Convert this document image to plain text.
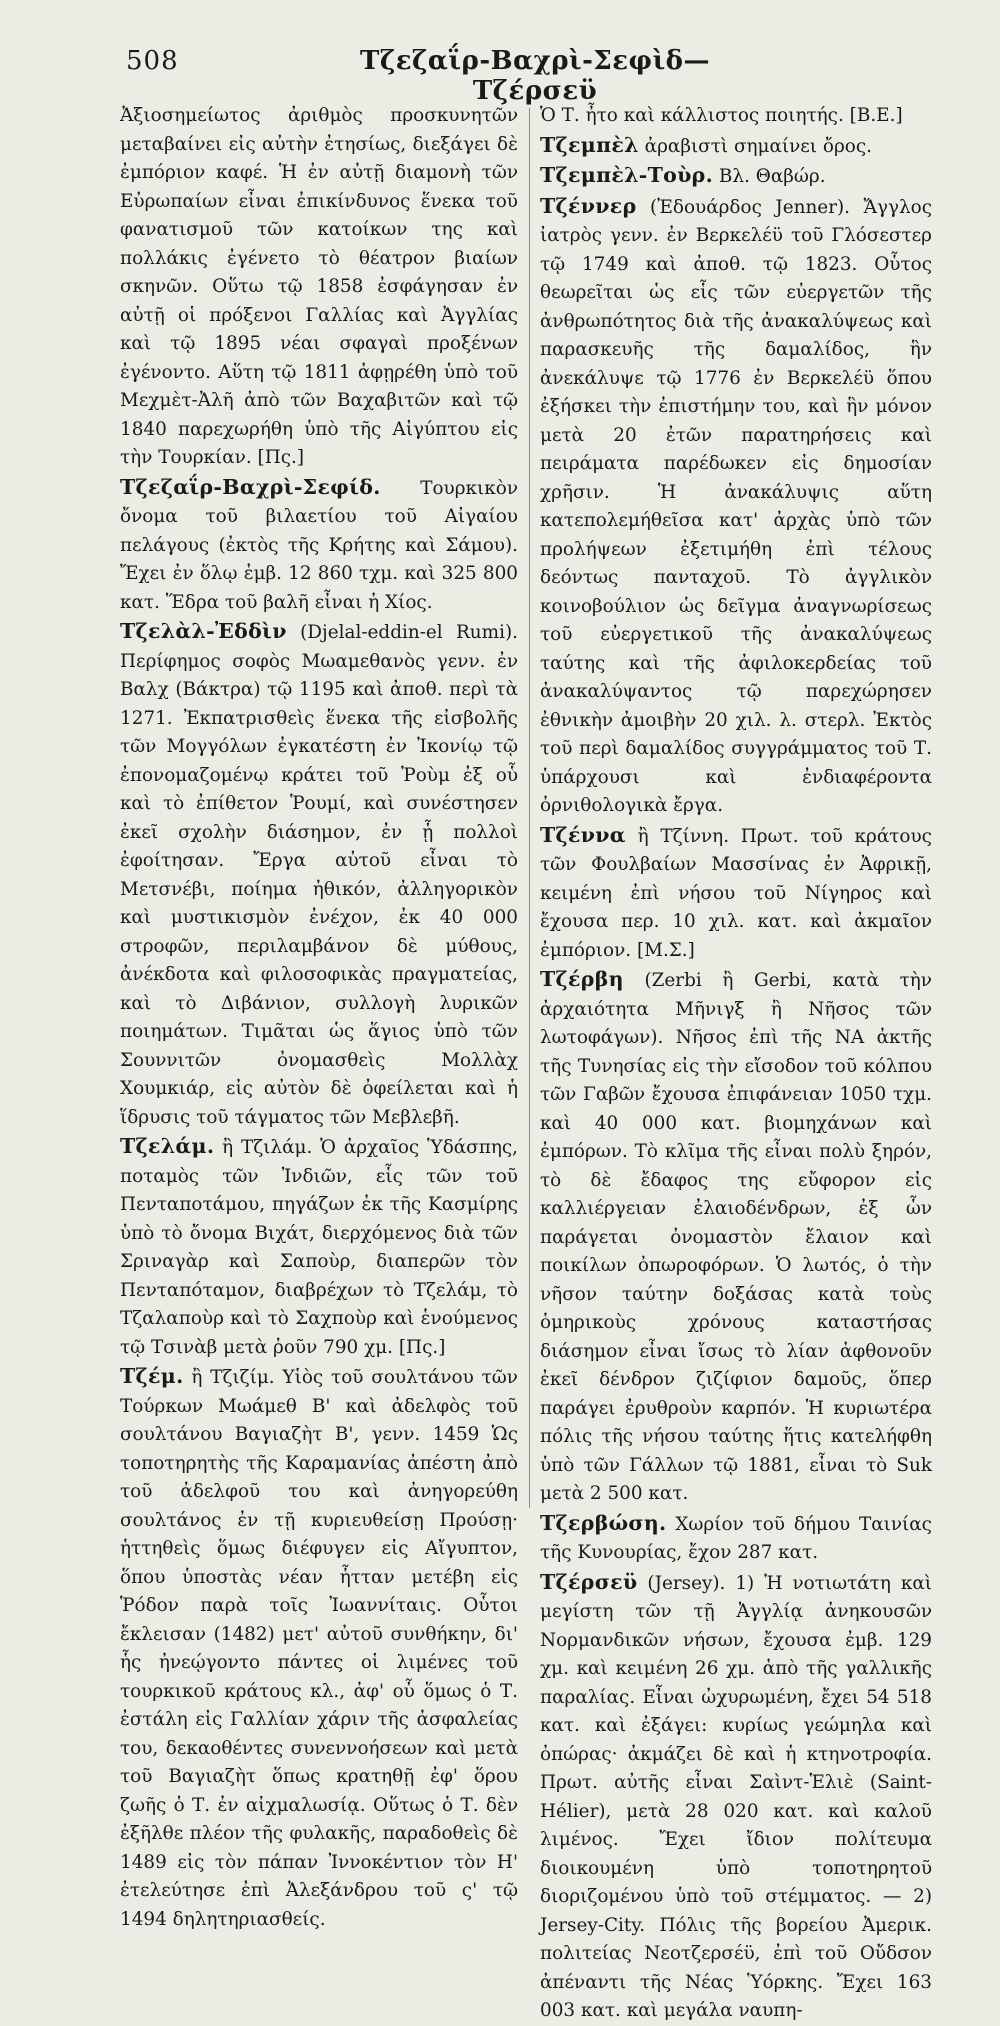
508	Τζεζαΐρ-Βαχρὶ-Σεφὶδ—Τζέρσεϋ

Ἀξιοσημείωτος ἀριθμὸς προσκυνητῶν μεταβαίνει εἰς αὐτὴν ἐτησίως, διεξάγει δὲ ἐμπόριον καφέ. Ἡ ἐν αὐτῇ διαμονὴ τῶν Εὐρωπαίων εἶναι ἐπικίνδυνος ἕνεκα τοῦ φανατισμοῦ τῶν κατοίκων της καὶ πολλάκις ἐγένετο τὸ θέατρον βιαίων σκηνῶν. Οὕτω τῷ 1858 ἐσφάγησαν ἐν αὐτῇ οἱ πρόξενοι Γαλλίας καὶ Ἀγγλίας καὶ τῷ 1895 νέαι σφαγαὶ προξένων ἐγένοντο. Αὕτη τῷ 1811 ἀφῃρέθη ὑπὸ τοῦ Μεχμὲτ-Ἀλῆ ἀπὸ τῶν Βαχαβιτῶν καὶ τῷ 1840 παρεχωρήθη ὑπὸ τῆς Αἰγύπτου εἰς τὴν Τουρκίαν. [Πς.]

Τζεζαΐρ-Βαχρὶ-Σεφίδ. Τουρκικὸν ὄνομα τοῦ βιλαετίου τοῦ Αἰγαίου πελάγους (ἐκτὸς τῆς Κρήτης καὶ Σάμου). Ἔχει ἐν ὅλῳ ἐμβ. 12 860 τχμ. καὶ 325 800 κατ. Ἕδρα τοῦ βαλῆ εἶναι ἡ Χίος.

Τζελὰλ-Ἐδδὶν (Djelal-eddin-el Rumi). Περίφημος σοφὸς Μωαμεθανὸς γενν. ἐν Βαλχ (Βάκτρα) τῷ 1195 καὶ ἀποθ. περὶ τὰ 1271. Ἐκπατρισθεὶς ἕνεκα τῆς εἰσβολῆς τῶν Μογγόλων ἐγκατέστη ἐν Ἰκονίῳ τῷ ἐπονομαζομένῳ κράτει τοῦ Ῥοὺμ ἐξ οὗ καὶ τὸ ἐπίθετον Ῥουμί, καὶ συνέστησεν ἐκεῖ σχολὴν διάσημον, ἐν ᾗ πολλοὶ ἐφοίτησαν. Ἔργα αὐτοῦ εἶναι τὸ Μετσνέβι, ποίημα ἠθικόν, ἀλληγορικὸν καὶ μυστικισμὸν ἐνέχον, ἐκ 40 000 στροφῶν, περιλαμβάνον δὲ μύθους, ἀνέκδοτα καὶ φιλοσοφικὰς πραγματείας, καὶ τὸ Διβάνιον, συλλογὴ λυρικῶν ποιημάτων. Τιμᾶται ὡς ἅγιος ὑπὸ τῶν Σουννιτῶν ὀνομασθεὶς Μολλὰχ Χουμκιάρ, εἰς αὐτὸν δὲ ὀφείλεται καὶ ἡ ἵδρυσις τοῦ τάγματος τῶν Μεβλεβῆ.

Τζελάμ. ἢ Τζιλάμ. Ὁ ἀρχαῖος Ὑδάσπης, ποταμὸς τῶν Ἰνδιῶν, εἷς τῶν τοῦ Πενταποτάμου, πηγάζων ἐκ τῆς Κασμίρης ὑπὸ τὸ ὄνομα Βιχάτ, διερχόμενος διὰ τῶν Σριναγὰρ καὶ Σαποὺρ, διαπερῶν τὸν Πενταπόταμον, διαβρέχων τὸ Τζελάμ, τὸ Τζαλαποὺρ καὶ τὸ Σαχποὺρ καὶ ἑνούμενος τῷ Τσινὰβ μετὰ ῥοῦν 790 χμ. [Πς.]

Τζέμ. ἢ Τζιζίμ. Υἱὸς τοῦ σουλτάνου τῶν Τούρκων Μωάμεθ Β' καὶ ἀδελφὸς τοῦ σουλτάνου Βαγιαζὴτ Β', γενν. 1459 Ὡς τοποτηρητὴς τῆς Καραμανίας ἀπέστη ἀπὸ τοῦ ἀδελφοῦ του καὶ ἀνηγορεύθη σουλτάνος ἐν τῇ κυριευθείσῃ Προύσῃ· ἡττηθεὶς ὅμως διέφυγεν εἰς Αἴγυπτον, ὅπου ὑποστὰς νέαν ἧτταν μετέβη εἰς Ῥόδον παρὰ τοῖς Ἰωαννίταις. Οὗτοι ἔκλεισαν (1482) μετ' αὐτοῦ συνθήκην, δι' ἧς ἠνεῴγοντο πάντες οἱ λιμένες τοῦ τουρκικοῦ κράτους κλ., ἀφ' οὗ ὅμως ὁ Τ. ἐστάλη εἰς Γαλλίαν χάριν τῆς ἀσφαλείας του, δεκαοθέντες συνεννοήσεων καὶ μετὰ τοῦ Βαγιαζὴτ ὅπως κρατηθῇ ἐφ' ὅρου ζωῆς ὁ Τ. ἐν αἰχμαλωσίᾳ. Οὕτως ὁ Τ. δὲν ἐξῆλθε πλέον τῆς φυλακῆς, παραδοθεὶς δὲ 1489 εἰς τὸν πάπαν Ἰννοκέντιον τὸν Η' ἐτελεύτησε ἐπὶ Ἀλεξάνδρου τοῦ ς' τῷ 1494 δηλητηριασθείς.

Ὁ Τ. ἦτο καὶ κάλλιστος ποιητής. [Β.Ε.]

Τζεμπὲλ ἀραβιστὶ σημαίνει ὄρος.

Τζεμπὲλ-Τοὺρ. Βλ. Θαβώρ.

Τζέννερ (Ἐδουάρδος Jenner). Ἄγγλος ἰατρὸς γενν. ἐν Βερκελέϋ τοῦ Γλόσεστερ τῷ 1749 καὶ ἀποθ. τῷ 1823. Οὗτος θεωρεῖται ὡς εἷς τῶν εὐεργετῶν τῆς ἀνθρωπότητος διὰ τῆς ἀνακαλύψεως καὶ παρασκευῆς τῆς δαμαλίδος, ἣν ἀνεκάλυψε τῷ 1776 ἐν Βερκελέϋ ὅπου ἐξήσκει τὴν ἐπιστήμην του, καὶ ἣν μόνον μετὰ 20 ἐτῶν παρατηρήσεις καὶ πειράματα παρέδωκεν εἰς δημοσίαν χρῆσιν. Ἡ ἀνακάλυψις αὕτη κατεπολεμήθεῖσα κατ' ἀρχὰς ὑπὸ τῶν προλήψεων ἐξετιμήθη ἐπὶ τέλους δεόντως πανταχοῦ. Τὸ ἀγγλικὸν κοινοβούλιον ὡς δεῖγμα ἀναγνωρίσεως τοῦ εὐεργετικοῦ τῆς ἀνακαλύψεως ταύτης καὶ τῆς ἀφιλοκερδείας τοῦ ἀνακαλύψαντος τῷ παρεχώρησεν ἐθνικὴν ἀμοιβὴν 20 χιλ. λ. στερλ. Ἐκτὸς τοῦ περὶ δαμαλίδος συγγράμματος τοῦ Τ. ὑπάρχουσι καὶ ἐνδιαφέροντα ὀρνιθολογικὰ ἔργα.

Τζέννα ἢ Τζίννη. Πρωτ. τοῦ κράτους τῶν Φουλβαίων Μασσίνας ἐν Ἀφρικῇ, κειμένη ἐπὶ νήσου τοῦ Νίγηρος καὶ ἔχουσα περ. 10 χιλ. κατ. καὶ ἀκμαῖον ἐμπόριον. [Μ.Σ.]

Τζέρβη (Zerbi ἢ Gerbi, κατὰ τὴν ἀρχαιότητα Μῆνιγξ ἢ Νῆσος τῶν λωτοφάγων). Νῆσος ἐπὶ τῆς ΝΑ ἀκτῆς τῆς Τυνησίας εἰς τὴν εἴσοδον τοῦ κόλπου τῶν Γαβῶν ἔχουσα ἐπιφάνειαν 1050 τχμ. καὶ 40 000 κατ. βιομηχάνων καὶ ἐμπόρων. Τὸ κλῖμα τῆς εἶναι πολὺ ξηρόν, τὸ δὲ ἔδαφος της εὔφορον εἰς καλλιέργειαν ἐλαιοδένδρων, ἐξ ὧν παράγεται ὀνομαστὸν ἔλαιον καὶ ποικίλων ὀπωροφόρων. Ὁ λωτός, ὁ τὴν νῆσον ταύτην δοξάσας κατὰ τοὺς ὁμηρικοὺς χρόνους καταστήσας διάσημον εἶναι ἴσως τὸ λίαν ἀφθονοῦν ἐκεῖ δένδρον ζιζίφιον δαμοῦς, ὅπερ παράγει ἐρυθροὺν καρπόν. Ἡ κυριωτέρα πόλις τῆς νήσου ταύτης ἥτις κατελήφθη ὑπὸ τῶν Γάλλων τῷ 1881, εἶναι τὸ Suk μετὰ 2 500 κατ.

Τζερβώση. Χωρίον τοῦ δήμου Ταινίας τῆς Κυνουρίας, ἔχον 287 κατ.

Τζέρσεϋ (Jersey). 1) Ἡ νοτιωτάτη καὶ μεγίστη τῶν τῇ Ἀγγλίᾳ ἀνηκουσῶν Νορμανδικῶν νήσων, ἔχουσα ἐμβ. 129 χμ. καὶ κειμένη 26 χμ. ἀπὸ τῆς γαλλικῆς παραλίας. Εἶναι ὠχυρωμένη, ἔχει 54 518 κατ. καὶ ἐξάγει: κυρίως γεώμηλα καὶ ὀπώρας· ἀκμάζει δὲ καὶ ἡ κτηνοτροφία. Πρωτ. αὐτῆς εἶναι Σαὶντ-Ἑλιὲ (Saint-Hélier), μετὰ 28 020 κατ. καὶ καλοῦ λιμένος. Ἔχει ἴδιον πολίτευμα διοικουμένη ὑπὸ τοποτηρητοῦ διοριζομένου ὑπὸ τοῦ στέμματος. — 2) Jersey-City. Πόλις τῆς βορείου Ἀμερικ. πολιτείας Νεοτζερσέϋ, ἐπὶ τοῦ Οὔδσον ἀπέναντι τῆς Νέας Ὑόρκης. Ἔχει 163 003 κατ. καὶ μεγάλα ναυπη-
